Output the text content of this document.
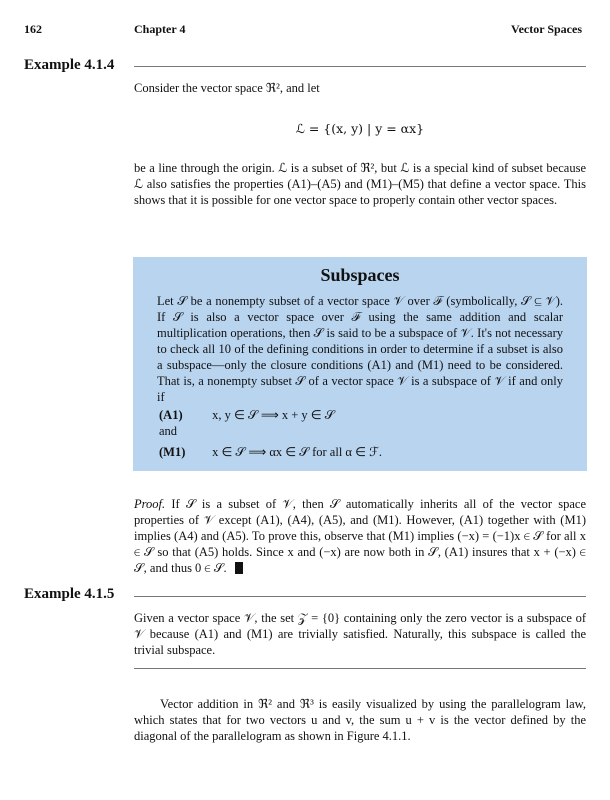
162	Chapter 4	Vector Spaces
Example 4.1.4
Consider the vector space ℜ², and let
ℒ = {(x, y) | y = αx}
be a line through the origin. ℒ is a subset of ℜ², but ℒ is a special kind of subset because ℒ also satisfies the properties (A1)–(A5) and (M1)–(M5) that define a vector space. This shows that it is possible for one vector space to properly contain other vector spaces.
Subspaces
Let 𝒮 be a nonempty subset of a vector space 𝒱 over ℱ (symbolically, 𝒮 ⊆ 𝒱). If 𝒮 is also a vector space over ℱ using the same addition and scalar multiplication operations, then 𝒮 is said to be a subspace of 𝒱. It's not necessary to check all 10 of the defining conditions in order to determine if a subset is also a subspace—only the closure conditions (A1) and (M1) need to be considered. That is, a nonempty subset 𝒮 of a vector space 𝒱 is a subspace of 𝒱 if and only if
(A1) x, y ∈ 𝒮 ⟹ x + y ∈ 𝒮
and
(M1) x ∈ 𝒮 ⟹ αx ∈ 𝒮 for all α ∈ ℱ.
Proof. If 𝒮 is a subset of 𝒱, then 𝒮 automatically inherits all of the vector space properties of 𝒱 except (A1), (A4), (A5), and (M1). However, (A1) together with (M1) implies (A4) and (A5). To prove this, observe that (M1) implies (−x) = (−1)x ∈ 𝒮 for all x ∈ 𝒮 so that (A5) holds. Since x and (−x) are now both in 𝒮, (A1) insures that x + (−x) ∈ 𝒮, and thus 0 ∈ 𝒮.
Example 4.1.5
Given a vector space 𝒱, the set 𝒵 = {0} containing only the zero vector is a subspace of 𝒱 because (A1) and (M1) are trivially satisfied. Naturally, this subspace is called the trivial subspace.
Vector addition in ℜ² and ℜ³ is easily visualized by using the parallelogram law, which states that for two vectors u and v, the sum u + v is the vector defined by the diagonal of the parallelogram as shown in Figure 4.1.1.
